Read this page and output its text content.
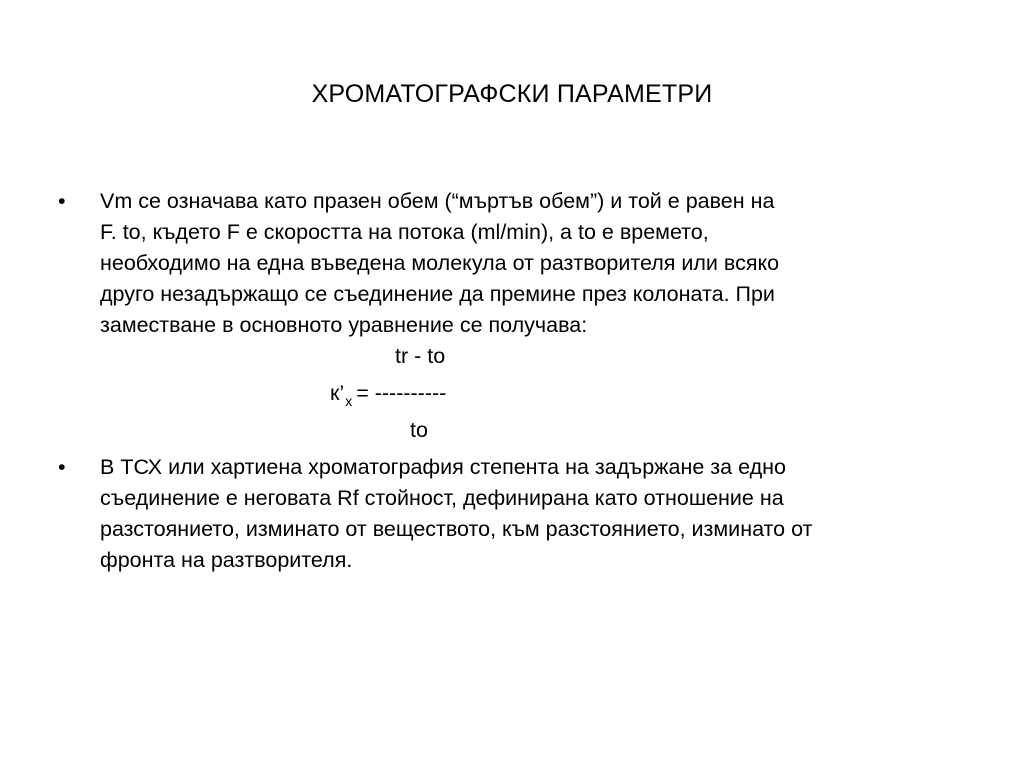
ХРОМАТОГРАФСКИ ПАРАМЕТРИ
•	Vm се означава като празен обем (“мъртъв обем”) и той е равен на
F. to, където F е скоростта на потока (ml/min), а to е времето,
необходимо на една въведена молекула от разтворителя или всяко
друго незадържащо се съединение да премине през колоната. При
заместване в основното уравнение се получава:
tr - to
$к’_x$ = ----------
to
•	В ТСХ или хартиена хроматография степента на задържане за едно
съединение е неговата Rf стойност, дефинирана като отношение на
разстоянието, изминато от веществото, към разстоянието, изминато от
фронта на разтворителя.
